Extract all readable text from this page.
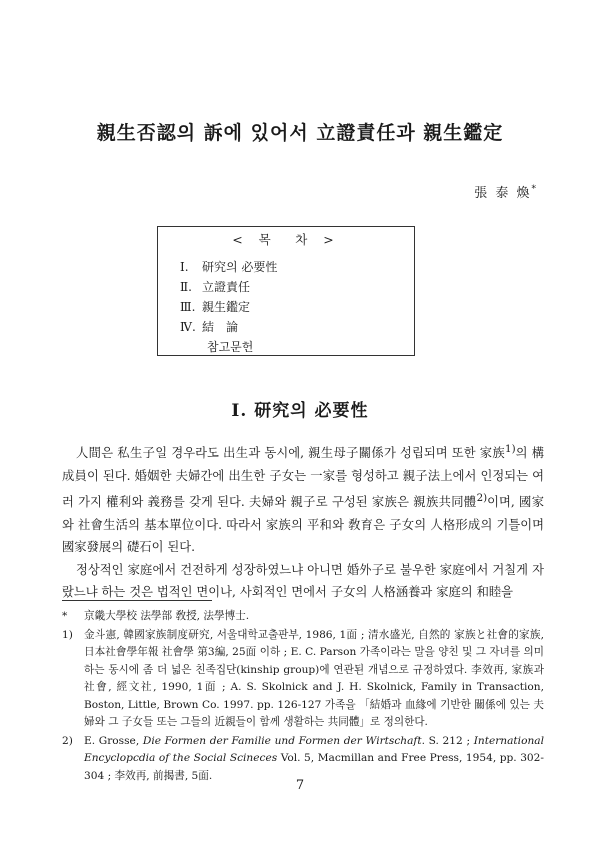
親生否認의 訴에 있어서 立證責任과 親生鑑定
張 泰 煥*
< 목　차 >
Ⅰ. 研究의 必要性
Ⅱ. 立證責任
Ⅲ. 親生鑑定
Ⅳ. 結　論
참고문헌
Ⅰ. 研究의 必要性

人間은 私生子일 경우라도 出生과 동시에, 親生母子關係가 성립되며 또한 家族$^{1)}$의 構成員이 된다. 婚姻한 夫婦간에 出生한 子女는 一家를 형성하고 親子法上에서 인정되는 여러 가지 權利와 義務를 갖게 된다. 夫婦와 親子로 구성된 家族은 親族共同體$^{2)}$이며, 國家와 社會生活의 基本單位이다. 따라서 家族의 平和와 敎育은 子女의 人格形成의 기틀이며 國家發展의 礎石이 된다.

정상적인 家庭에서 건전하게 성장하였느냐 아니면 婚外子로 불우한 家庭에서 거칠게 자랐느냐 하는 것은 법적인 면이나, 사회적인 면에서 子女의 人格涵養과 家庭의 和睦을

* 京畿大學校 法學部 敎授, 法學博士.

1) 金斗憲, 韓國家族制度研究, 서울대학교출판부, 1986, 1面 ; 清水盛光, 自然的 家族と社會的家族, 日本社會學年報 社會學 第3編, 25面 이하 ; E. C. Parson 가족이라는 말을 양친 및 그 자녀를 의미하는 동시에 좀 더 넓은 친족집단(kinship group)에 연관된 개념으로 규정하였다. 李效再, 家族과 社會, 經文社, 1990, 1面 ; A. S. Skolnick and J. H. Skolnick, Family in Transaction, Boston, Little, Brown Co. 1997. pp. 126-127 가족을 「結婚과 血緣에 기반한 關係에 있는 夫婦와 그 子女들 또는 그들의 近親들이 함께 생활하는 共同體」로 정의한다.

2) E. Grosse, Die Formen der Familie und Formen der Wirtschaft. S. 212 ; International Encyclopcdia of the Social Scineces Vol. 5, Macmillan and Free Press, 1954, pp. 302-304 ; 李效再, 前揭書, 5面.

7
